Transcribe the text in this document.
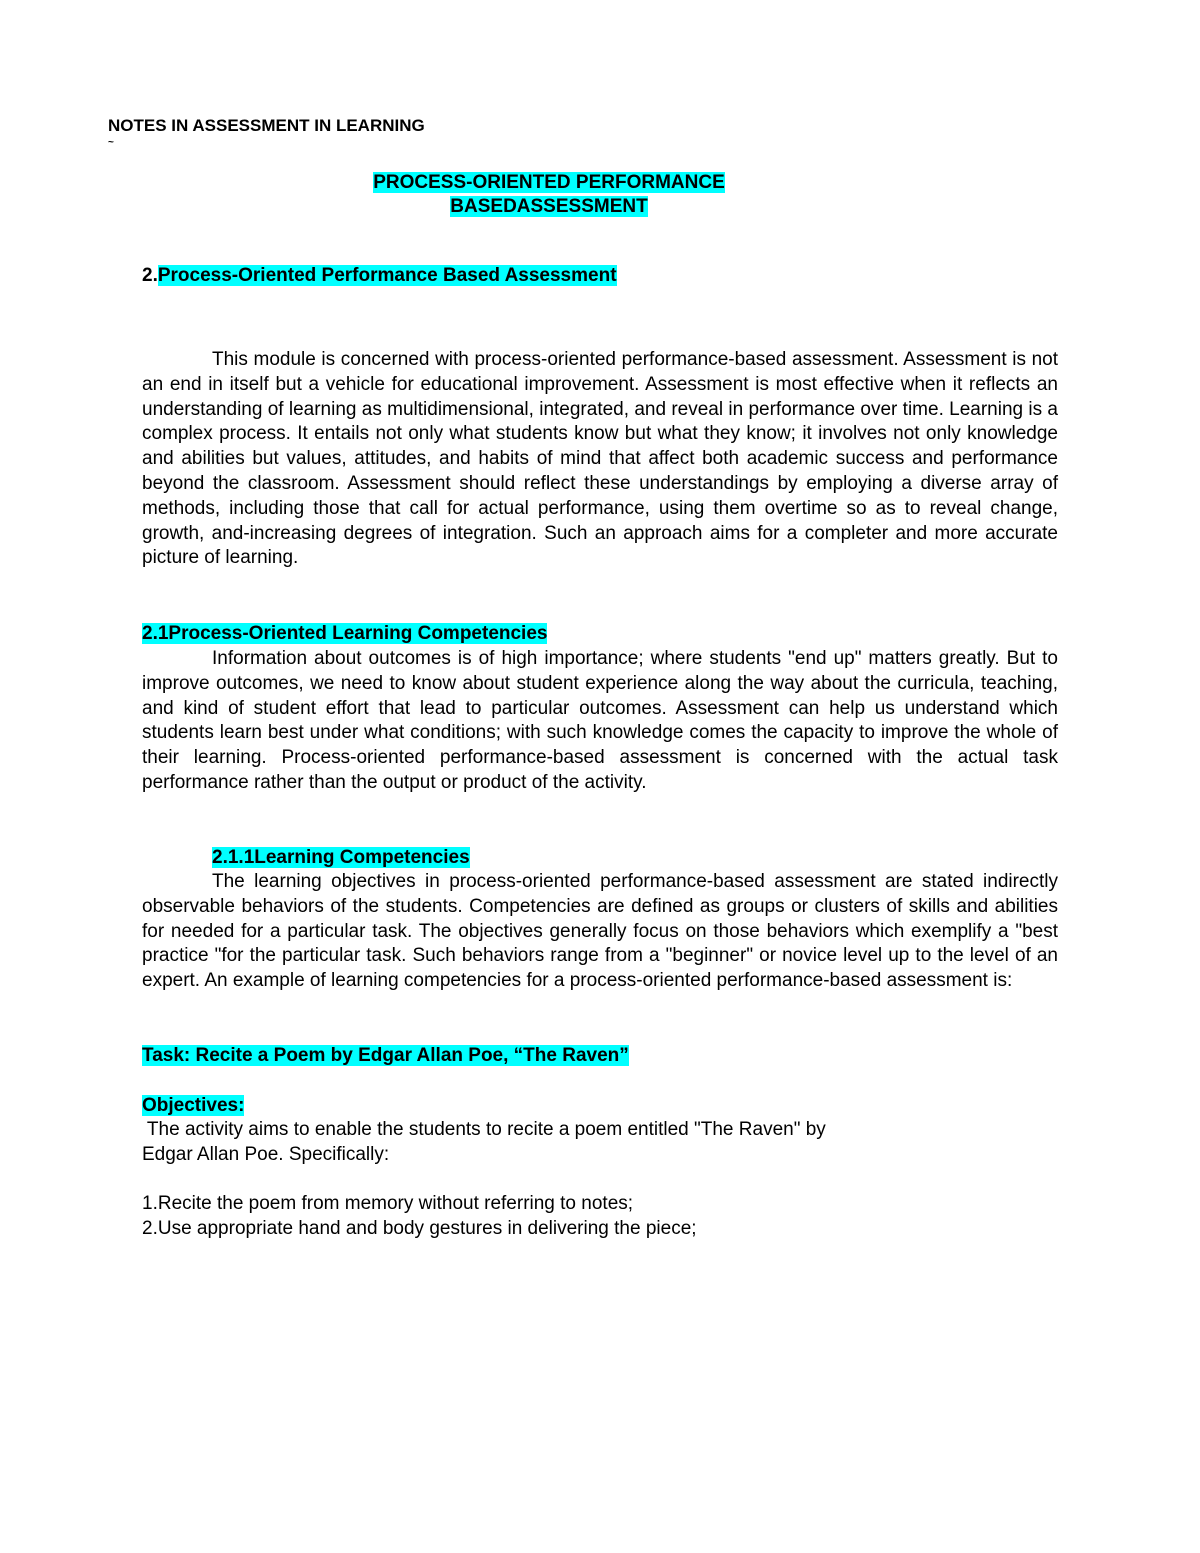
NOTES IN ASSESSMENT IN LEARNING
~
PROCESS-ORIENTED PERFORMANCE
BASEDASSESSMENT
2.Process-Oriented Performance Based Assessment

This module is concerned with process-oriented performance-based assessment. Assessment is not an end in itself but a vehicle for educational improvement. Assessment is most effective when it reflects an understanding of learning as multidimensional, integrated, and reveal in performance over time. Learning is a complex process. It entails not only what students know but what they know; it involves not only knowledge and abilities but values, attitudes, and habits of mind that affect both academic success and performance beyond the classroom. Assessment should reflect these understandings by employing a diverse array of methods, including those that call for actual performance, using them overtime so as to reveal change, growth, and-increasing degrees of integration. Such an approach aims for a completer and more accurate picture of learning.

2.1Process-Oriented Learning Competencies

Information about outcomes is of high importance; where students "end up" matters greatly. But to improve outcomes, we need to know about student experience along the way about the curricula, teaching, and kind of student effort that lead to particular outcomes. Assessment can help us understand which students learn best under what conditions; with such knowledge comes the capacity to improve the whole of their learning. Process-oriented performance-based assessment is concerned with the actual task performance rather than the output or product of the activity.

2.1.1Learning Competencies

The learning objectives in process-oriented performance-based assessment are stated indirectly observable behaviors of the students. Competencies are defined as groups or clusters of skills and abilities for needed for a particular task. The objectives generally focus on those behaviors which exemplify a "best practice "for the particular task. Such behaviors range from a "beginner" or novice level up to the level of an expert. An example of learning competencies for a process-oriented performance-based assessment is:

Task: Recite a Poem by Edgar Allan Poe, “The Raven”
Objectives:
The activity aims to enable the students to recite a poem entitled "The Raven" by
Edgar Allan Poe. Specifically:
1.Recite the poem from memory without referring to notes;
2.Use appropriate hand and body gestures in delivering the piece;
